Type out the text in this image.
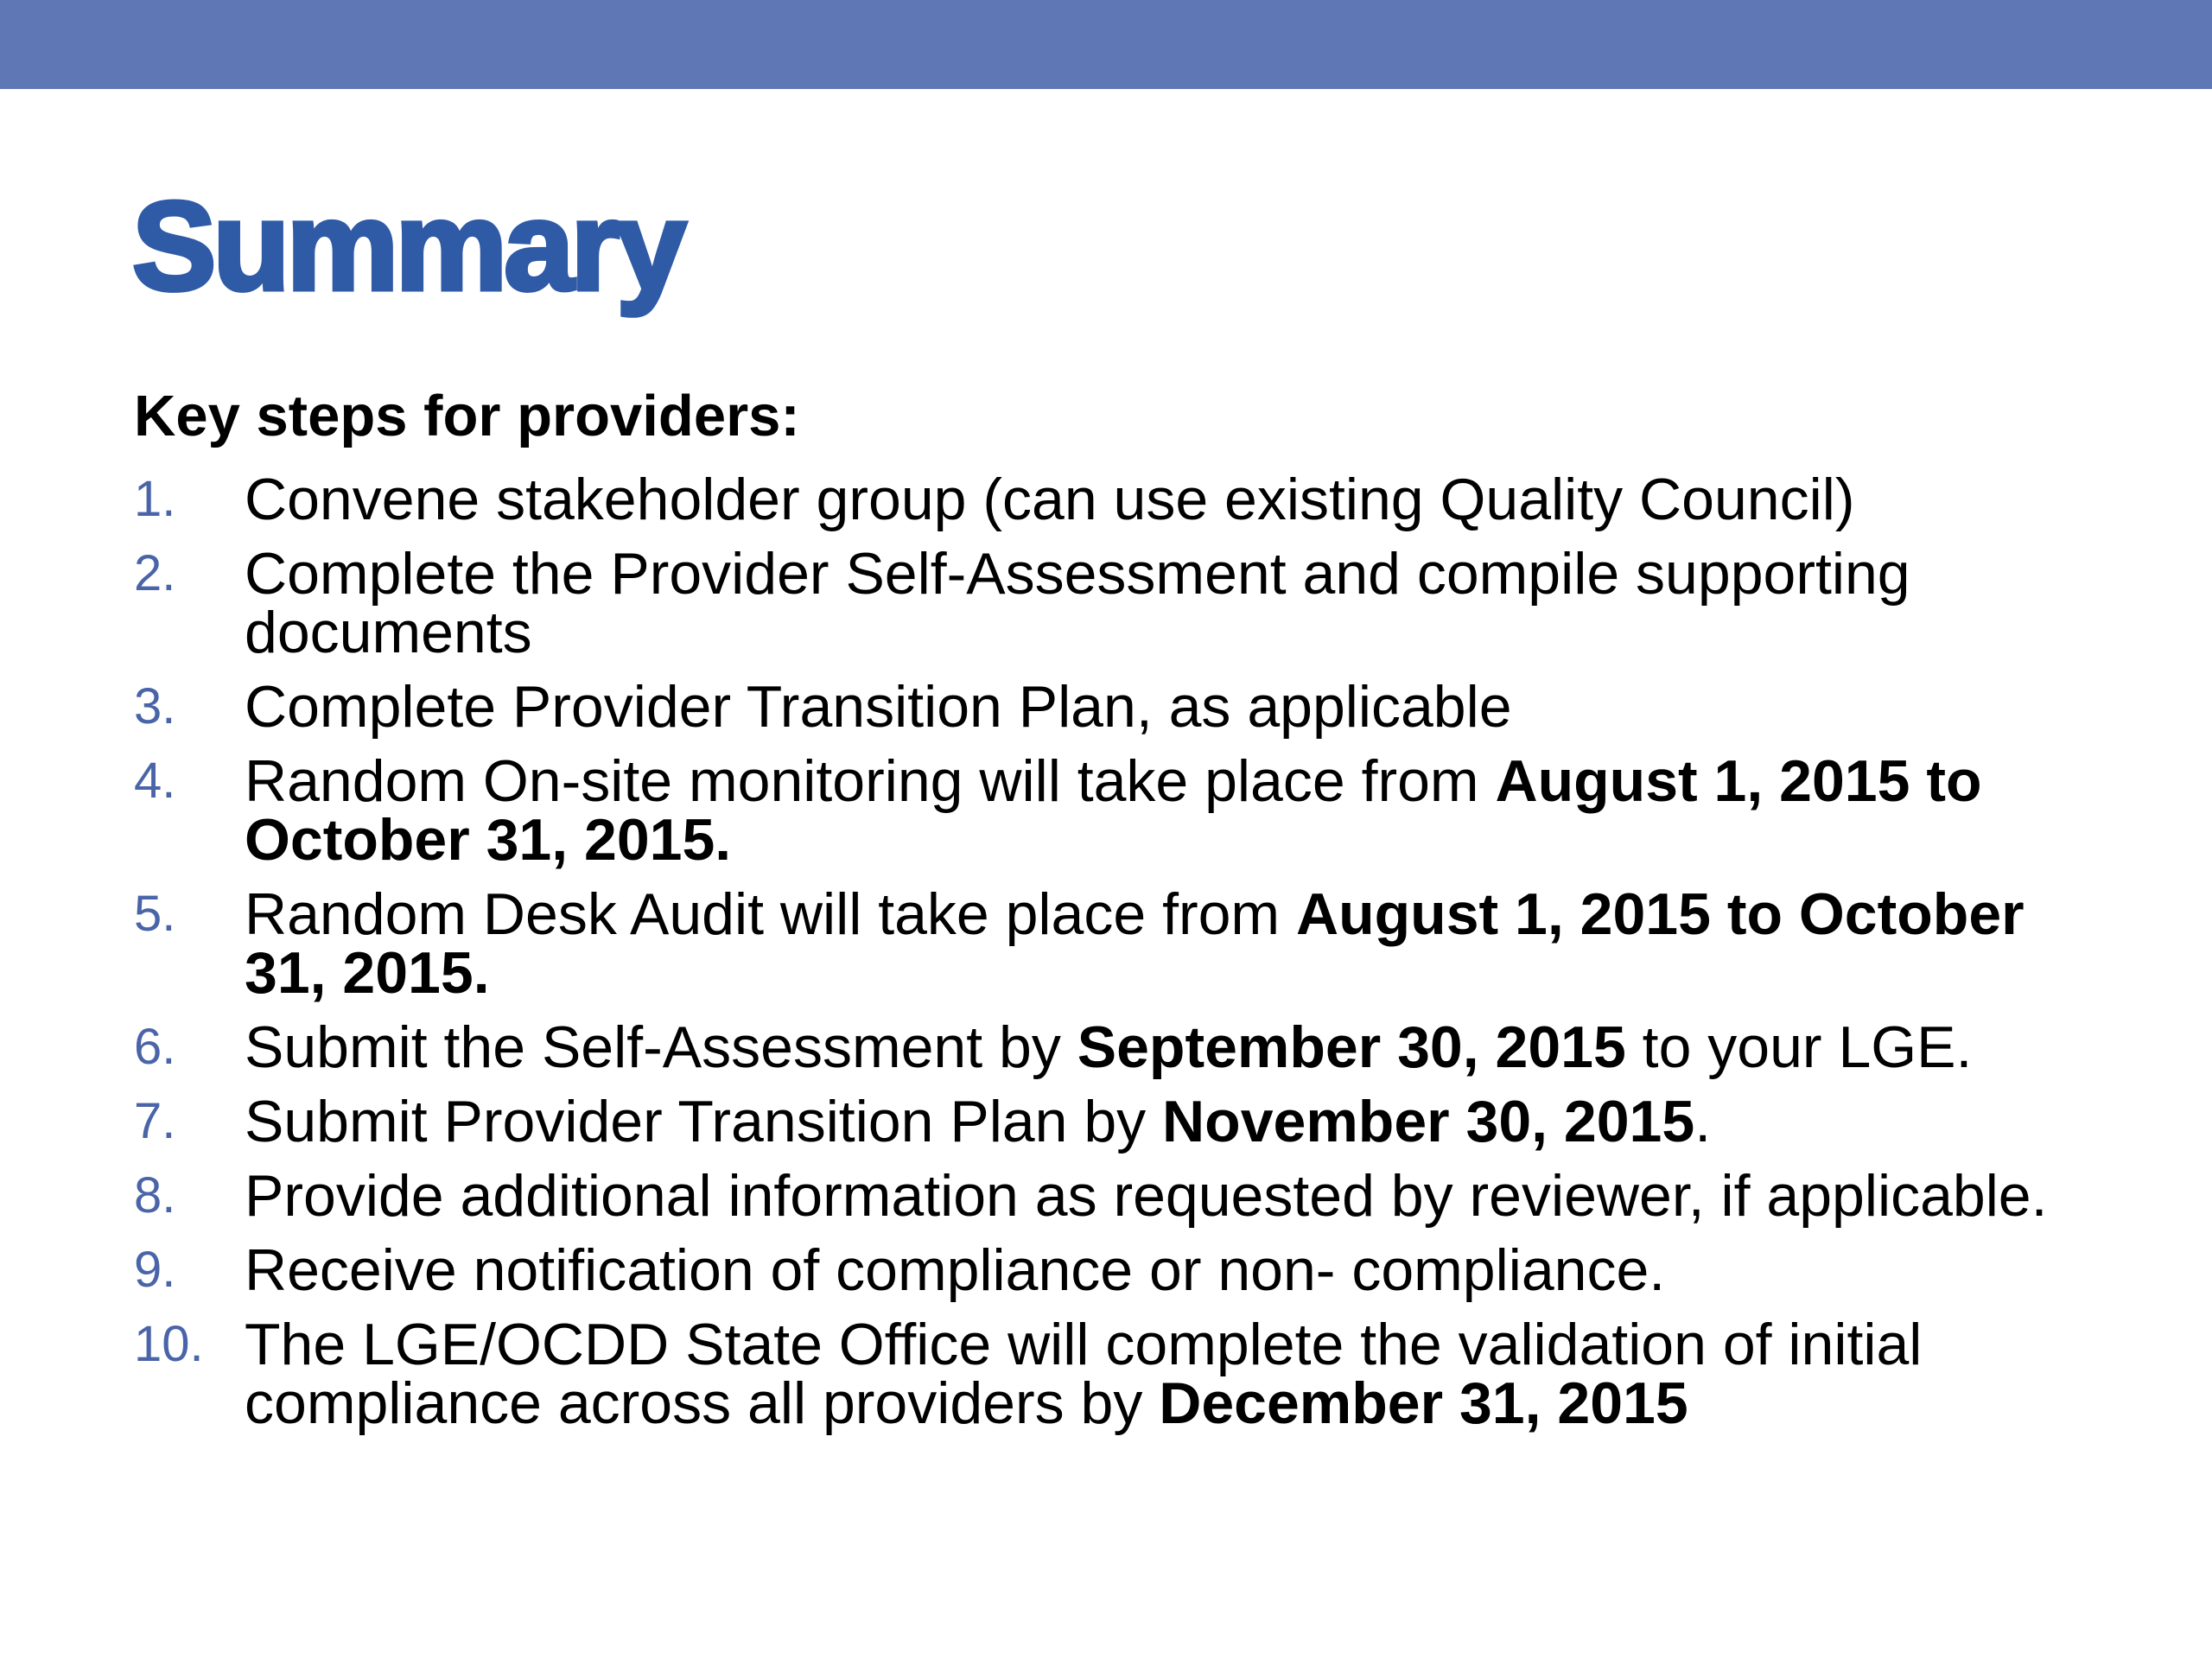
Summary

Key steps for providers:

1.	Convene stakeholder group (can use existing Quality Council)
2.	Complete the Provider Self-Assessment and compile supporting documents
3.	Complete Provider Transition Plan, as applicable
4.	Random On-site monitoring will take place from August 1, 2015 to October 31, 2015.
5.	Random Desk Audit will take place from August 1, 2015 to October 31, 2015.
6.	Submit the Self-Assessment by September 30, 2015 to your LGE.
7.	Submit Provider Transition Plan by November 30, 2015.
8.	Provide additional information as requested by reviewer, if applicable.
9.	Receive notification of compliance or non- compliance.
10. The LGE/OCDD State Office will complete the validation of initial compliance across all providers by December 31, 2015
